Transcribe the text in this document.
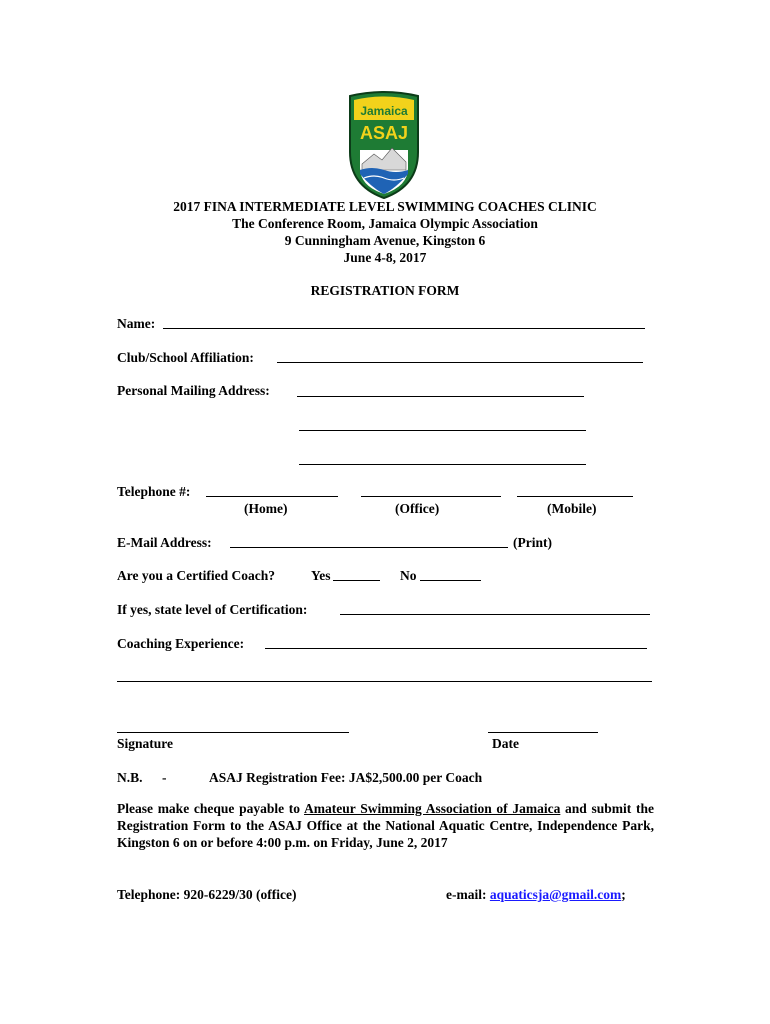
Jamaica
ASAJ
2017 FINA INTERMEDIATE LEVEL SWIMMING COACHES CLINIC
The Conference Room, Jamaica Olympic Association
9 Cunningham Avenue, Kingston 6
June 4-8, 2017
REGISTRATION FORM
Name:
Club/School Affiliation:
Personal Mailing Address:
Telephone #:
(Home)	(Office)	(Mobile)
E-Mail Address:	(Print)
Are you a Certified Coach?	Yes	No
If yes, state level of Certification:
Coaching Experience:
Signature	Date
N.B. -	ASAJ Registration Fee: JA$2,500.00 per Coach
Please make cheque payable to Amateur Swimming Association of Jamaica and submit the Registration Form to the ASAJ Office at the National Aquatic Centre, Independence Park, Kingston 6 on or before 4:00 p.m. on Friday, June 2, 2017
Telephone: 920-6229/30 (office)	e-mail: aquaticsja@gmail.com;
